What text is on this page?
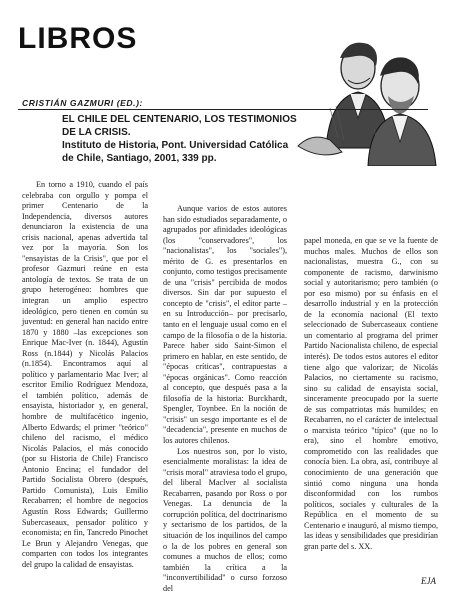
LIBROS
CRISTIÁN GAZMURI (ED.):
EL CHILE DEL CENTENARIO, LOS TESTIMONIOS DE LA CRISIS.
Instituto de Historia, Pont. Universidad Católica de Chile, Santiago, 2001, 339 pp.

En torno a 1910, cuando el país celebraba con orgullo y pompa el primer Centenario de la Independencia, diversos autores denunciaron la existencia de una crisis nacional, apenas advertida tal vez por la mayoría. Son los "ensayistas de la Crisis", que por el profesor Gazmuri reúne en esta antología de textos. Se trata de un grupo heterogéneo: hombres que integran un amplio espectro ideológico, pero tienen en común su juventud: en general han nacido entre 1870 y 1880 –las excepciones son Enrique Mac-Iver (n. 1844), Agustín Ross (n.1844) y Nicolás Palacios (n.1854). Encontramos aquí al político y parlamentario Mac Iver; al escritor Emilio Rodríguez Mendoza, el también político, además de ensayista, historiador y, en general, hombre de multifacético ingenio, Alberto Edwards; el primer "teórico" chileno del racismo, el médico Nicolás Palacios, el más conocido (por su Historia de Chile) Francisco Antonio Encina; el fundador del Partido Socialista Obrero (después, Partido Comunista), Luis Emilio Recabarren; el hombre de negocios Agustín Ross Edwards; Guillermo Subercaseaux, pensador político y economista; en fin, Tancredo Pinochet Le Brun y Alejandro Venegas, que comparten con todos los integrantes del grupo la calidad de ensayistas.

Aunque varios de estos autores han sido estudiados separadamente, o agrupados por afinidades ideológicas (los "conservadores", los "nacionalistas", los "sociales"), mérito de G. es presentarlos en conjunto, como testigos precisamente de una "crisis" percibida de modos diversos. Sin dar por supuesto el concepto de "crisis", el editor parte –en su Introducción– por precisarlo, tanto en el lenguaje usual como en el campo de la filosofía o de la historia. Parece haber sido Saint-Simon el primero en hablar, en este sentido, de "épocas críticas", contrapuestas a "épocas orgánicas". Como reacción al concepto, que después pasa a la filosofía de la historia: Burckhardt, Spengler, Toynbee. En la noción de "crisis" un sesgo importante es el de "decadencia", presente en muchos de los autores chilenos.

Los nuestros son, por lo visto, esencialmente moralistas: la idea de "crisis moral" atraviesa todo el grupo, del liberal Maclver al socialista Recabarren, pasando por Ross o por Venegas. La denuncia de la corrupción política, del doctrinarismo y sectarismo de los partidos, de la situación de los inquilinos del campo o la de los pobres en general son comunes a muchos de ellos; como también la crítica a la "inconvertibilidad" o curso forzoso del

papel moneda, en que se ve la fuente de muchos males. Muchos de ellos son nacionalistas, muestra G., con su componente de racismo, darwinismo social y autoritarismo; pero también (o por eso mismo) por su énfasis en el desarrollo industrial y en la protección de la economía nacional (El texto seleccionado de Subercaseaux contiene un comentario al programa del primer Partido Nacionalista chileno, de especial interés). De todos estos autores el editor tiene algo que valorizar; de Nicolás Palacios, no ciertamente su racismo, sino su calidad de ensayista social, sinceramente preocupado por la suerte de sus compatriotas más humildes; en Recabarren, no el carácter de intelectual o marxista teórico "típico" (que no lo era), sino el hombre emotivo, comprometido con las realidades que conocía bien. La obra, así, contribuye al conocimiento de una generación que sintió como ninguna una honda disconformidad con los rumbos políticos, sociales y culturales de la República en el momento de su Centenario e inauguró, al mismo tiempo, las ideas y sensibilidades que presidirían gran parte del s. XX.

EJA
